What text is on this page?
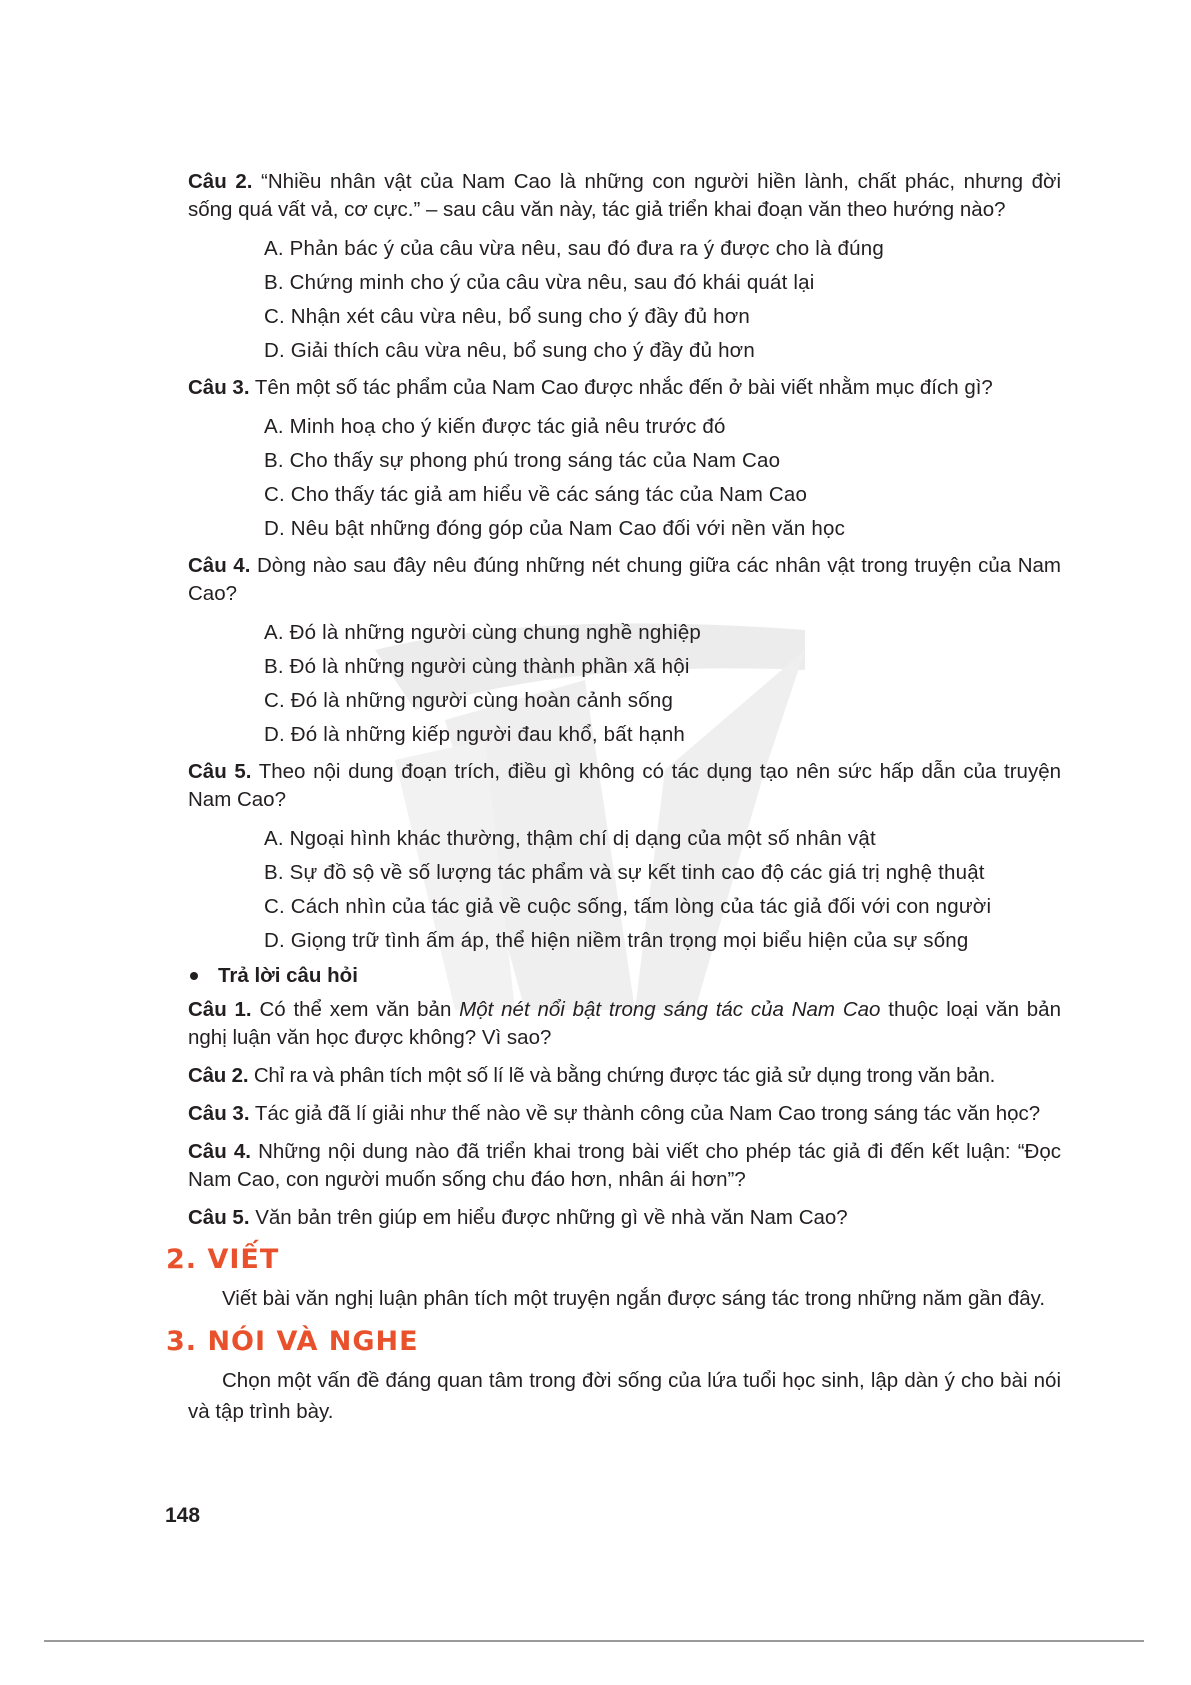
Câu 2. “Nhiều nhân vật của Nam Cao là những con người hiền lành, chất phác, nhưng đời sống quá vất vả, cơ cực.” – sau câu văn này, tác giả triển khai đoạn văn theo hướng nào?

A. Phản bác ý của câu vừa nêu, sau đó đưa ra ý được cho là đúng
B. Chứng minh cho ý của câu vừa nêu, sau đó khái quát lại
C. Nhận xét câu vừa nêu, bổ sung cho ý đầy đủ hơn
D. Giải thích câu vừa nêu, bổ sung cho ý đầy đủ hơn

Câu 3. Tên một số tác phẩm của Nam Cao được nhắc đến ở bài viết nhằm mục đích gì?

A. Minh hoạ cho ý kiến được tác giả nêu trước đó
B. Cho thấy sự phong phú trong sáng tác của Nam Cao
C. Cho thấy tác giả am hiểu về các sáng tác của Nam Cao
D. Nêu bật những đóng góp của Nam Cao đối với nền văn học

Câu 4. Dòng nào sau đây nêu đúng những nét chung giữa các nhân vật trong truyện của Nam Cao?

A. Đó là những người cùng chung nghề nghiệp
B. Đó là những người cùng thành phần xã hội
C. Đó là những người cùng hoàn cảnh sống
D. Đó là những kiếp người đau khổ, bất hạnh

Câu 5. Theo nội dung đoạn trích, điều gì không có tác dụng tạo nên sức hấp dẫn của truyện Nam Cao?

A. Ngoại hình khác thường, thậm chí dị dạng của một số nhân vật
B. Sự đồ sộ về số lượng tác phẩm và sự kết tinh cao độ các giá trị nghệ thuật
C. Cách nhìn của tác giả về cuộc sống, tấm lòng của tác giả đối với con người
D. Giọng trữ tình ấm áp, thể hiện niềm trân trọng mọi biểu hiện của sự sống
Trả lời câu hỏi

Câu 1. Có thể xem văn bản Một nét nổi bật trong sáng tác của Nam Cao thuộc loại văn bản nghị luận văn học được không? Vì sao?

Câu 2. Chỉ ra và phân tích một số lí lẽ và bằng chứng được tác giả sử dụng trong văn bản.

Câu 3. Tác giả đã lí giải như thế nào về sự thành công của Nam Cao trong sáng tác văn học?

Câu 4. Những nội dung nào đã triển khai trong bài viết cho phép tác giả đi đến kết luận: “Đọc Nam Cao, con người muốn sống chu đáo hơn, nhân ái hơn”?

Câu 5. Văn bản trên giúp em hiểu được những gì về nhà văn Nam Cao?

2. VIẾT

Viết bài văn nghị luận phân tích một truyện ngắn được sáng tác trong những năm gần đây.

3. NÓI VÀ NGHE

Chọn một vấn đề đáng quan tâm trong đời sống của lứa tuổi học sinh, lập dàn ý cho bài nói và tập trình bày.

148
